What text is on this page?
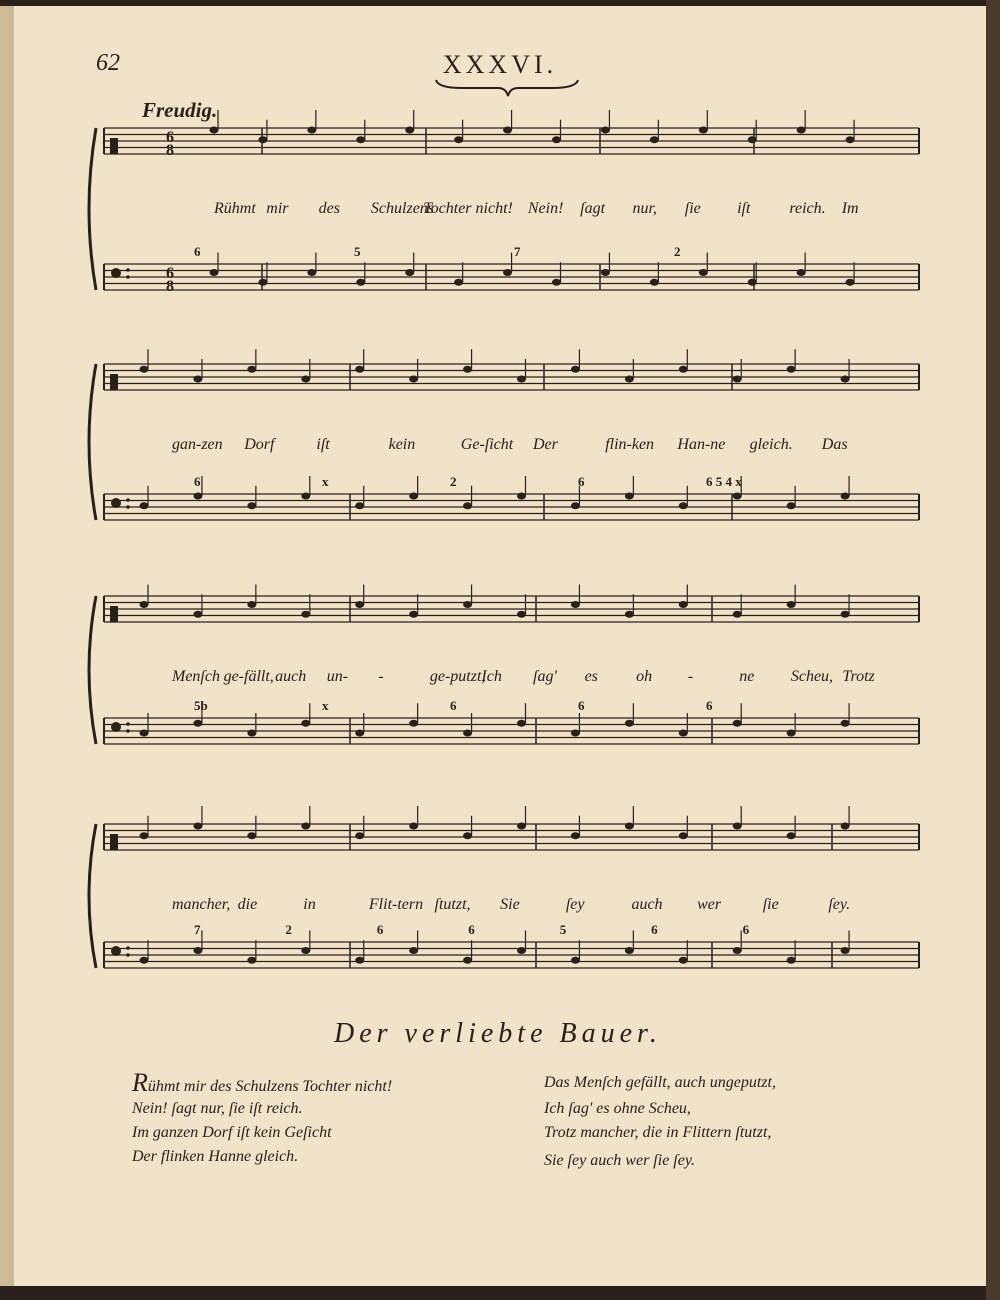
62	XXXVI.
Freudig.
6
8
6
8
Rühmt mir des Schulzens
Tochter nicht! Nein! ſagt nur, ſie iſt reich. Im
6	5	7	2
gan-zen Dorf	iſt	kein	Ge-ſicht Der	flin-ken Han-ne gleich. Das
6	x	2	6	6 5 4 x
Menſch ge-fällt, auch un- -	ge-putzt,
Ich ſag' es oh -	ne Scheu, Trotz
5b	x	6	6	6
mancher, die	in	Flit-tern ſtutzt, Sie	ſey	auch wer	ſie	ſey.
7	2	6	6	5	6	6
Der verliebte Bauer.
Rühmt mir des Schulzens Tochter nicht!
Nein! ſagt nur, ſie iſt reich.
Im ganzen Dorf iſt kein Geſicht
Der flinken Hanne gleich.
Das Menſch gefällt, auch ungeputzt,
Ich ſag' es ohne Scheu,
Trotz mancher, die in Flittern ſtutzt,
Sie ſey auch wer ſie ſey.
